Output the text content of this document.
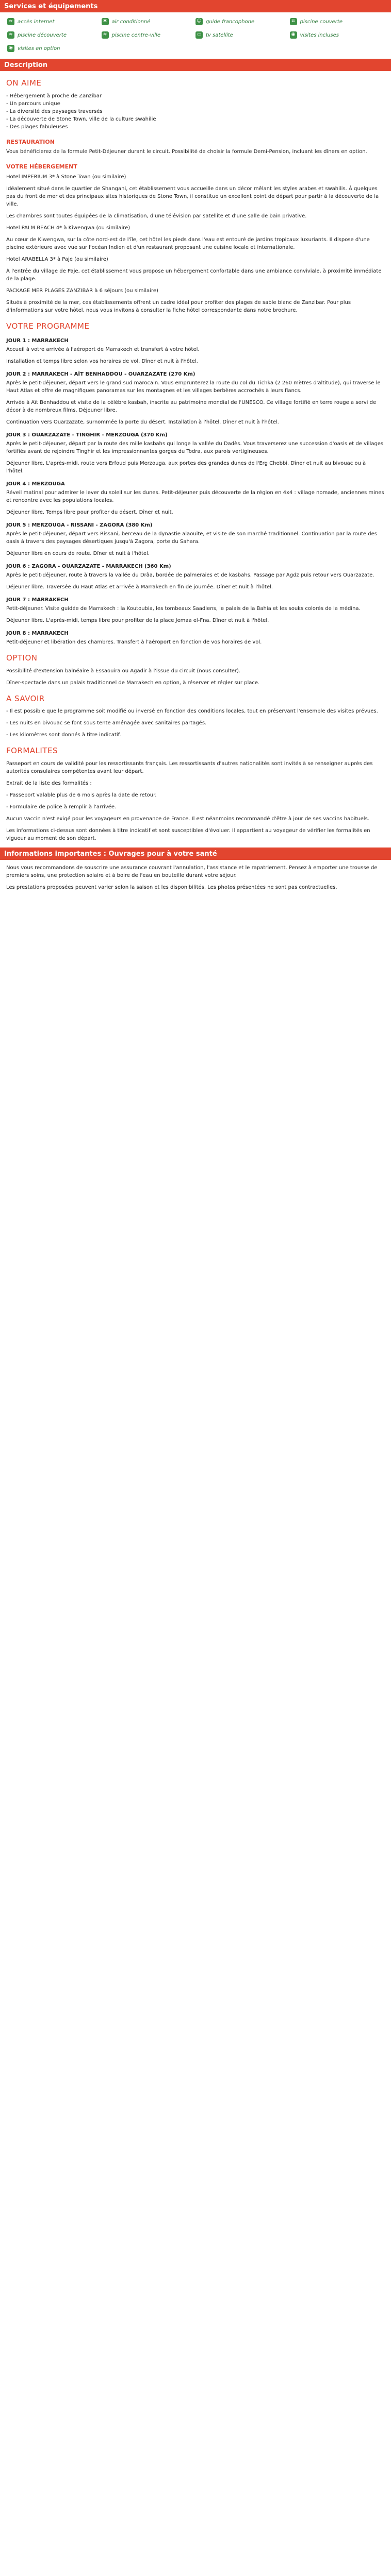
Services et équipements
≈ accès internet	✱ air conditionné	☺ guide francophone	≋ piscine couverte
≋ piscine découverte	≋ piscine centre-ville	▭ tv satellite	◉ visites incluses
◉ visites en option
Description
ON AIME

- Hébergement à proche de Zanzibar

- Un parcours unique

- La diversité des paysages traversés

- La découverte de Stone Town, ville de la culture swahilie

- Des plages fabuleuses

RESTAURATION

Vous bénéficierez de la formule Petit-Déjeuner durant le circuit. Possibilité de choisir la formule Demi-Pension, incluant les dîners en option.

VOTRE HÉBERGEMENT

Hotel IMPERIUM 3* à Stone Town (ou similaire)

Idéalement situé dans le quartier de Shangani, cet établissement vous accueille dans un décor mêlant les styles arabes et swahilis. À quelques pas du front de mer et des principaux sites historiques de Stone Town, il constitue un excellent point de départ pour partir à la découverte de la ville.

Les chambres sont toutes équipées de la climatisation, d'une télévision par satellite et d'une salle de bain privative.

Hotel PALM BEACH 4* à Kiwengwa (ou similaire)

Au cœur de Kiwengwa, sur la côte nord-est de l'île, cet hôtel les pieds dans l'eau est entouré de jardins tropicaux luxuriants. Il dispose d'une piscine extérieure avec vue sur l'océan Indien et d'un restaurant proposant une cuisine locale et internationale.

Hotel ARABELLA 3* à Paje (ou similaire)

À l'entrée du village de Paje, cet établissement vous propose un hébergement confortable dans une ambiance conviviale, à proximité immédiate de la plage.

PACKAGE MER PLAGES ZANZIBAR à 6 séjours (ou similaire)

Situés à proximité de la mer, ces établissements offrent un cadre idéal pour profiter des plages de sable blanc de Zanzibar. Pour plus d'informations sur votre hôtel, nous vous invitons à consulter la fiche hôtel correspondante dans notre brochure.

VOTRE PROGRAMME
JOUR 1 : MARRAKECH

Accueil à votre arrivée à l'aéroport de Marrakech et transfert à votre hôtel.

Installation et temps libre selon vos horaires de vol. Dîner et nuit à l'hôtel.

JOUR 2 : MARRAKECH - AÏT BENHADDOU - OUARZAZATE (270 Km)

Après le petit-déjeuner, départ vers le grand sud marocain. Vous emprunterez la route du col du Tichka (2 260 mètres d'altitude), qui traverse le Haut Atlas et offre de magnifiques panoramas sur les montagnes et les villages berbères accrochés à leurs flancs.

Arrivée à Aït Benhaddou et visite de la célèbre kasbah, inscrite au patrimoine mondial de l'UNESCO. Ce village fortifié en terre rouge a servi de décor à de nombreux films. Déjeuner libre.

Continuation vers Ouarzazate, surnommée la porte du désert. Installation à l'hôtel. Dîner et nuit à l'hôtel.

JOUR 3 : OUARZAZATE - TINGHIR - MERZOUGA (370 Km)

Après le petit-déjeuner, départ par la route des mille kasbahs qui longe la vallée du Dadès. Vous traverserez une succession d'oasis et de villages fortifiés avant de rejoindre Tinghir et les impressionnantes gorges du Todra, aux parois vertigineuses.

Déjeuner libre. L'après-midi, route vers Erfoud puis Merzouga, aux portes des grandes dunes de l'Erg Chebbi. Dîner et nuit au bivouac ou à l'hôtel.

JOUR 4 : MERZOUGA

Réveil matinal pour admirer le lever du soleil sur les dunes. Petit-déjeuner puis découverte de la région en 4x4 : village nomade, anciennes mines et rencontre avec les populations locales.

Déjeuner libre. Temps libre pour profiter du désert. Dîner et nuit.

JOUR 5 : MERZOUGA - RISSANI - ZAGORA (380 Km)

Après le petit-déjeuner, départ vers Rissani, berceau de la dynastie alaouite, et visite de son marché traditionnel. Continuation par la route des oasis à travers des paysages désertiques jusqu'à Zagora, porte du Sahara.

Déjeuner libre en cours de route. Dîner et nuit à l'hôtel.

JOUR 6 : ZAGORA - OUARZAZATE - MARRAKECH (360 Km)

Après le petit-déjeuner, route à travers la vallée du Drâa, bordée de palmeraies et de kasbahs. Passage par Agdz puis retour vers Ouarzazate.

Déjeuner libre. Traversée du Haut Atlas et arrivée à Marrakech en fin de journée. Dîner et nuit à l'hôtel.

JOUR 7 : MARRAKECH

Petit-déjeuner. Visite guidée de Marrakech : la Koutoubia, les tombeaux Saadiens, le palais de la Bahia et les souks colorés de la médina.

Déjeuner libre. L'après-midi, temps libre pour profiter de la place Jemaa el-Fna. Dîner et nuit à l'hôtel.

JOUR 8 : MARRAKECH

Petit-déjeuner et libération des chambres. Transfert à l'aéroport en fonction de vos horaires de vol.

OPTION

Possibilité d'extension balnéaire à Essaouira ou Agadir à l'issue du circuit (nous consulter).

Dîner-spectacle dans un palais traditionnel de Marrakech en option, à réserver et régler sur place.

A SAVOIR

- Il est possible que le programme soit modifié ou inversé en fonction des conditions locales, tout en préservant l'ensemble des visites prévues.

- Les nuits en bivouac se font sous tente aménagée avec sanitaires partagés.

- Les kilomètres sont donnés à titre indicatif.

FORMALITES

Passeport en cours de validité pour les ressortissants français. Les ressortissants d'autres nationalités sont invités à se renseigner auprès des autorités consulaires compétentes avant leur départ.

Extrait de la liste des formalités :

- Passeport valable plus de 6 mois après la date de retour.

- Formulaire de police à remplir à l'arrivée.

Aucun vaccin n'est exigé pour les voyageurs en provenance de France. Il est néanmoins recommandé d'être à jour de ses vaccins habituels.

Les informations ci-dessus sont données à titre indicatif et sont susceptibles d'évoluer. Il appartient au voyageur de vérifier les formalités en vigueur au moment de son départ.

Informations importantes : Ouvrages pour à votre santé

Nous vous recommandons de souscrire une assurance couvrant l'annulation, l'assistance et le rapatriement. Pensez à emporter une trousse de premiers soins, une protection solaire et à boire de l'eau en bouteille durant votre séjour.

Les prestations proposées peuvent varier selon la saison et les disponibilités. Les photos présentées ne sont pas contractuelles.
